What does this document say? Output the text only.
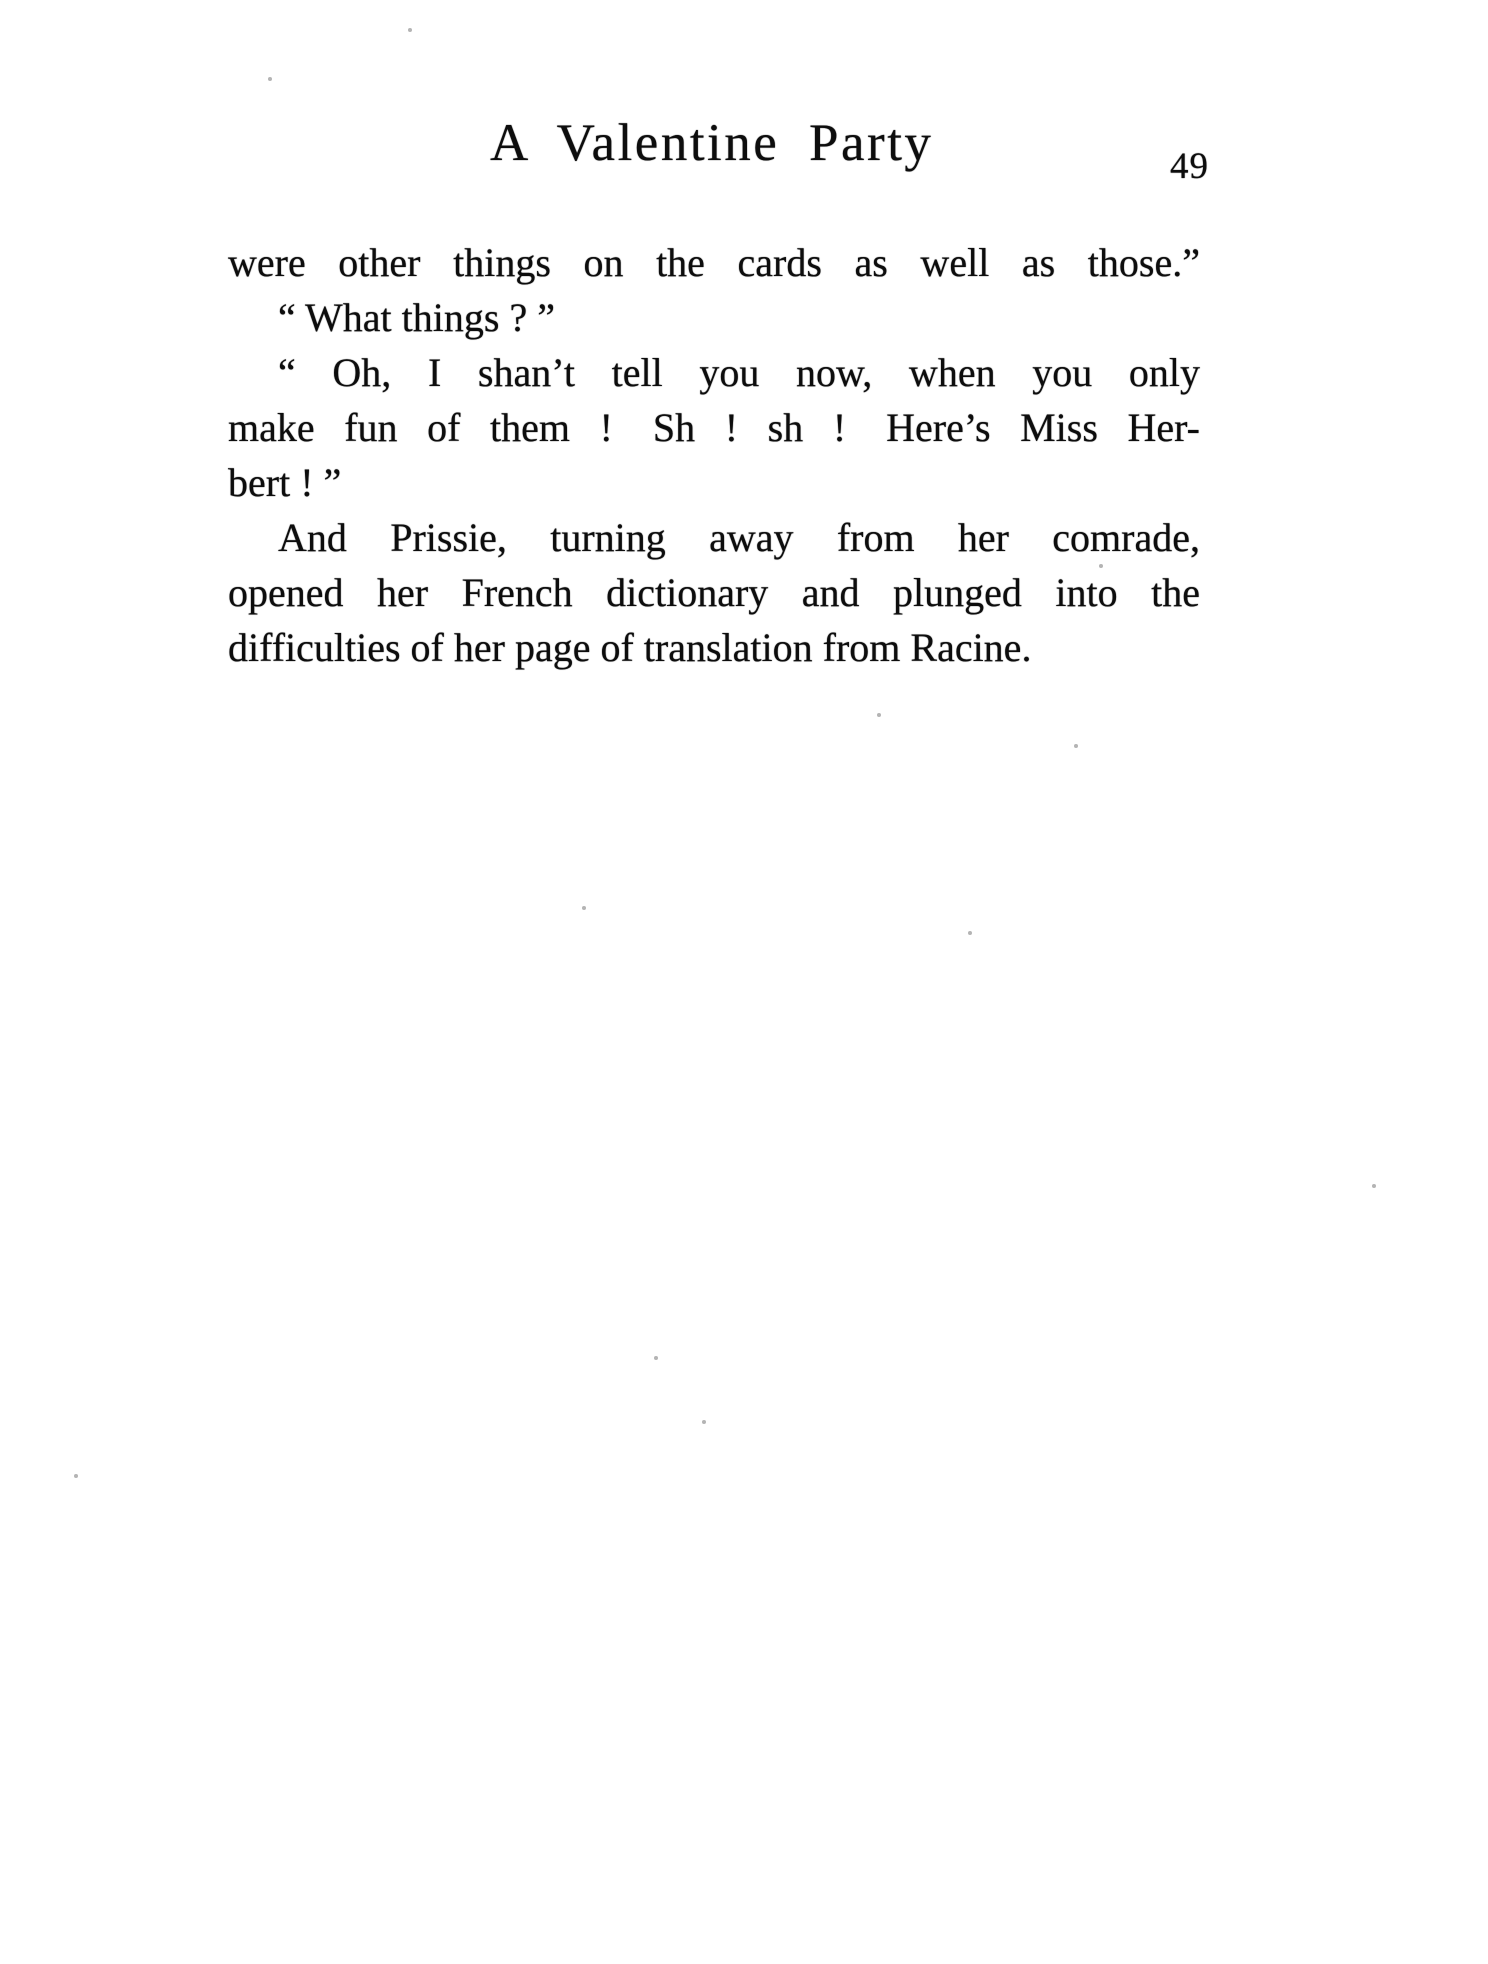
A Valentine Party	49
were other things on the cards as well as those.”
“ What things ? ”
“ Oh, I shan’t tell you now, when you only
make fun of them ! Sh ! sh ! Here’s Miss Her-
bert ! ”
And Prissie, turning away from her comrade,
opened her French dictionary and plunged into the
difficulties of her page of translation from Racine.
